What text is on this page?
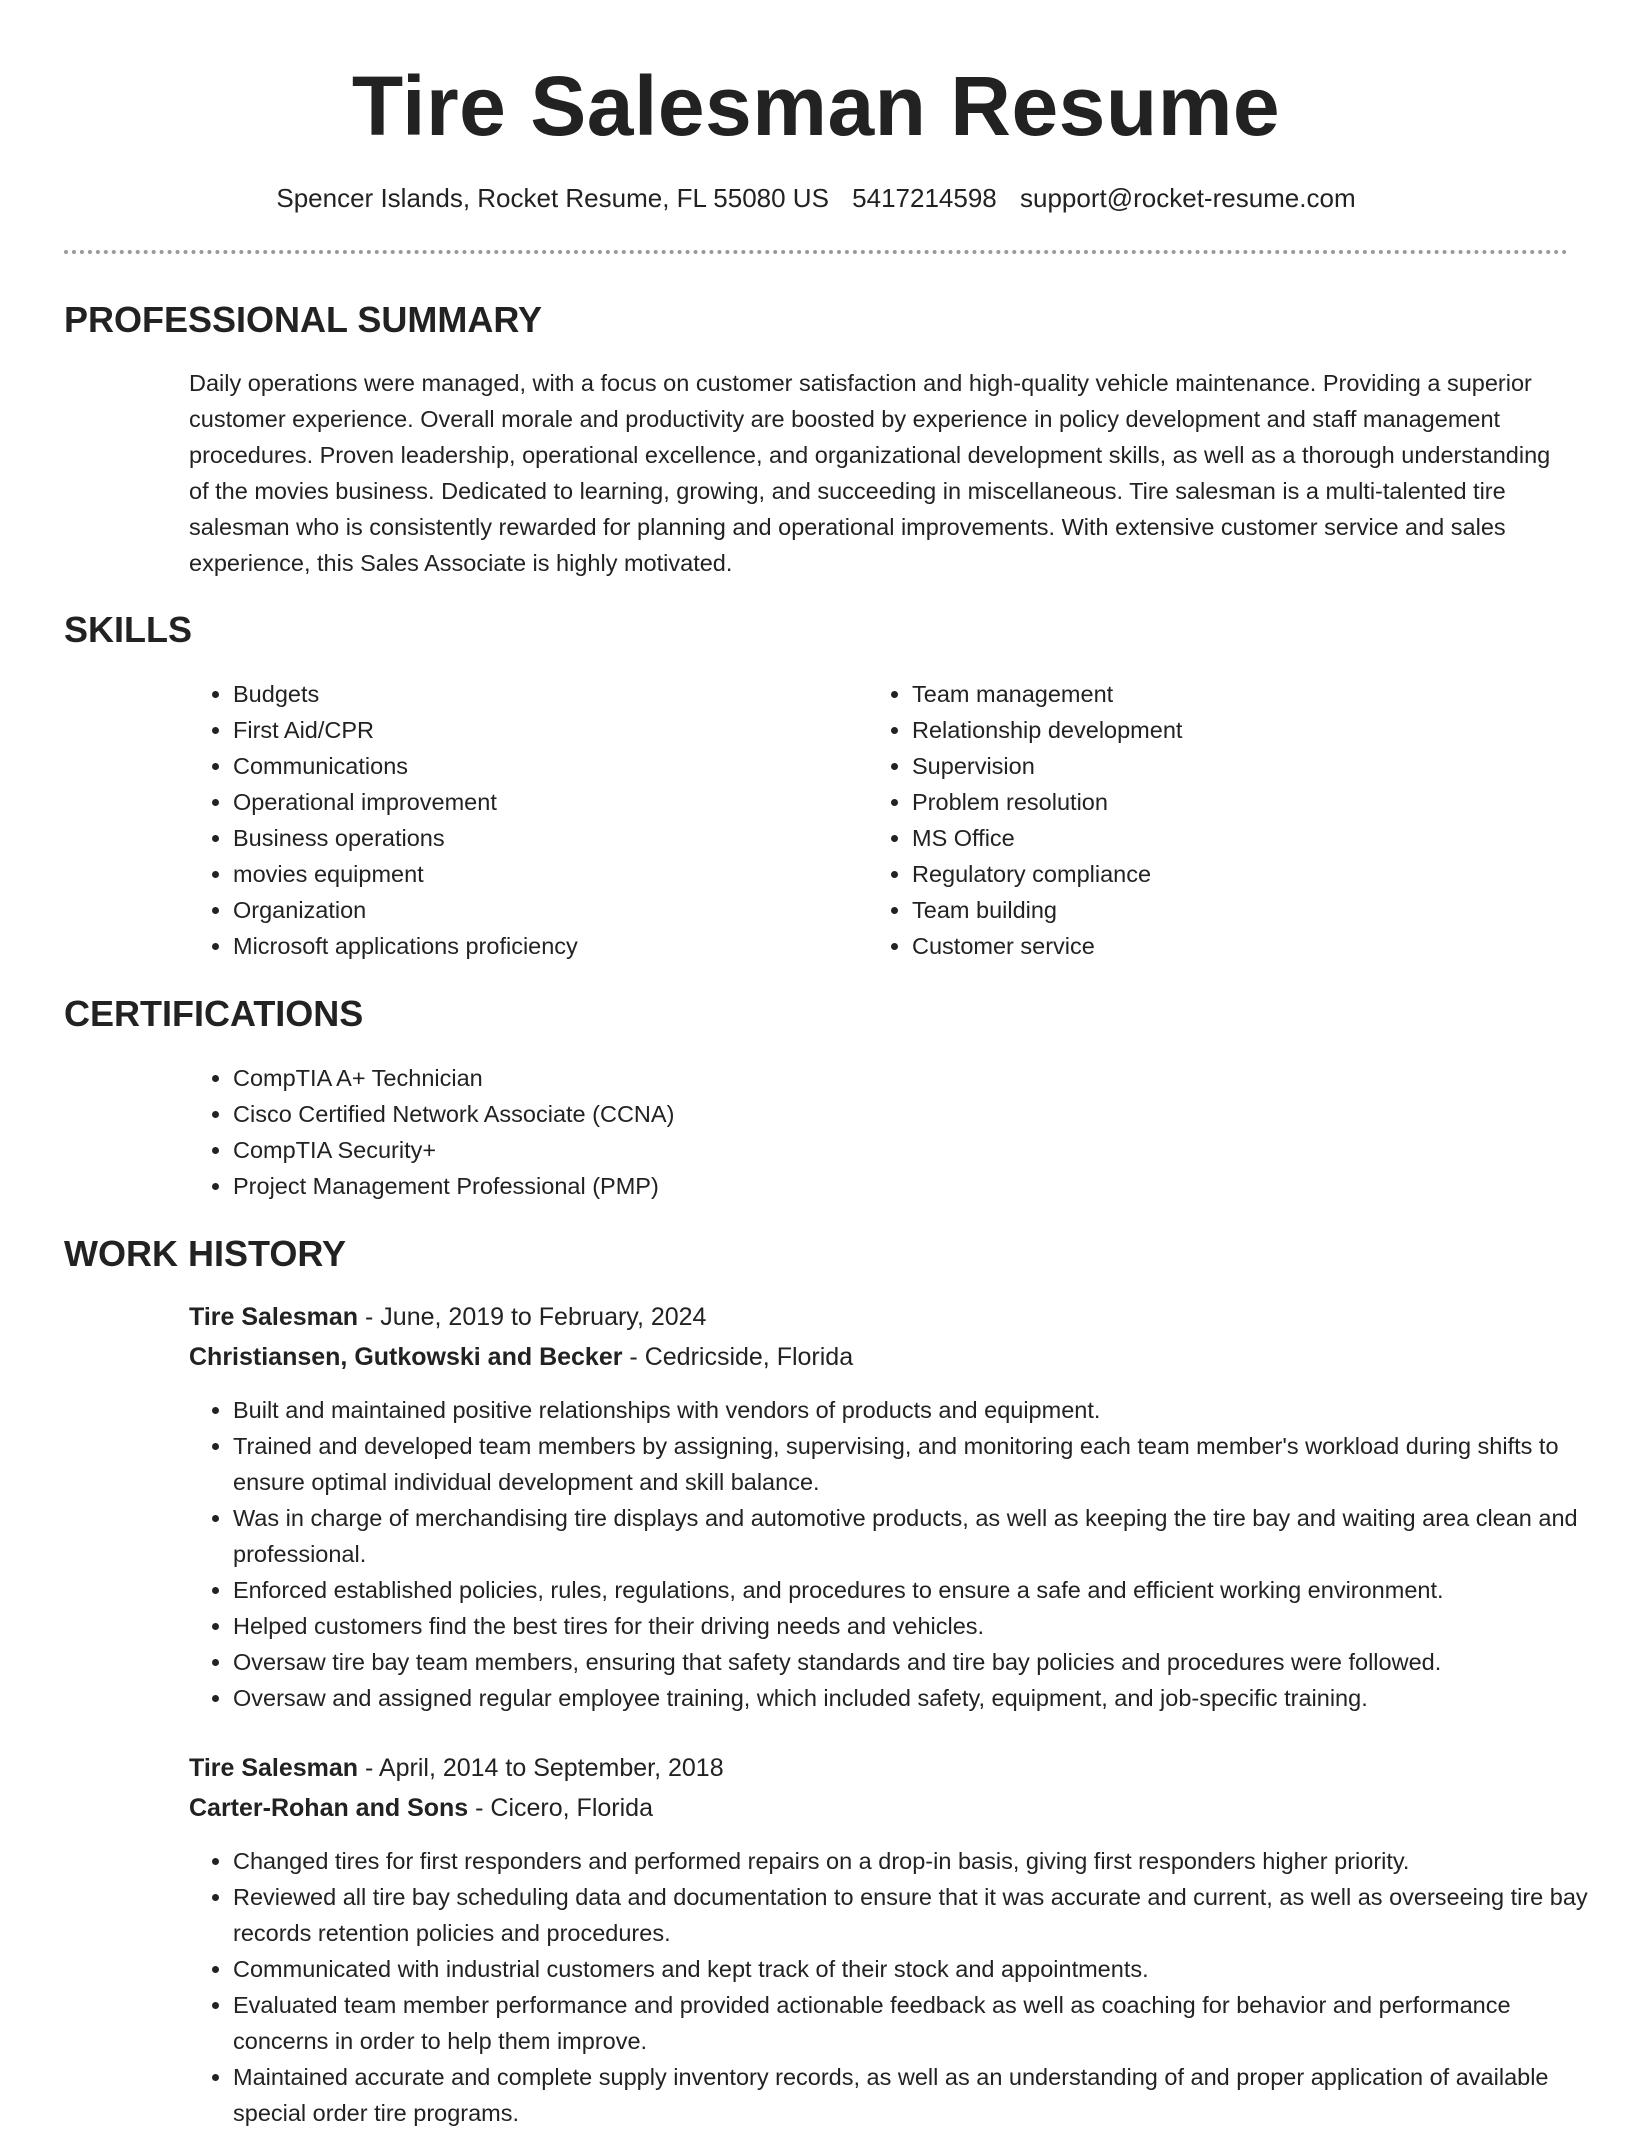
Tire Salesman Resume
Spencer Islands, Rocket Resume, FL 55080 US 5417214598 support@rocket-resume.com
PROFESSIONAL SUMMARY

Daily operations were managed, with a focus on customer satisfaction and high-quality vehicle maintenance. Providing a superior customer experience. Overall morale and productivity are boosted by experience in policy development and staff management procedures. Proven leadership, operational excellence, and organizational development skills, as well as a thorough understanding of the movies business. Dedicated to learning, growing, and succeeding in miscellaneous. Tire salesman is a multi-talented tire salesman who is consistently rewarded for planning and operational improvements. With extensive customer service and sales experience, this Sales Associate is highly motivated.

SKILLS
• Budgets
• First Aid/CPR
• Communications
• Operational improvement
• Business operations
• movies equipment
• Organization
• Microsoft applications proficiency
• Team management
• Relationship development
• Supervision
• Problem resolution
• MS Office
• Regulatory compliance
• Team building
• Customer service
CERTIFICATIONS
• CompTIA A+ Technician
• Cisco Certified Network Associate (CCNA)
• CompTIA Security+
• Project Management Professional (PMP)
WORK HISTORY
Tire Salesman - June, 2019 to February, 2024
Christiansen, Gutkowski and Becker - Cedricside, Florida
• Built and maintained positive relationships with vendors of products and equipment.
• Trained and developed team members by assigning, supervising, and monitoring each team member's workload during shifts to ensure optimal individual development and skill balance.
• Was in charge of merchandising tire displays and automotive products, as well as keeping the tire bay and waiting area clean and professional.
• Enforced established policies, rules, regulations, and procedures to ensure a safe and efficient working environment.
• Helped customers find the best tires for their driving needs and vehicles.
• Oversaw tire bay team members, ensuring that safety standards and tire bay policies and procedures were followed.
• Oversaw and assigned regular employee training, which included safety, equipment, and job-specific training.
Tire Salesman - April, 2014 to September, 2018
Carter-Rohan and Sons - Cicero, Florida
• Changed tires for first responders and performed repairs on a drop-in basis, giving first responders higher priority.
• Reviewed all tire bay scheduling data and documentation to ensure that it was accurate and current, as well as overseeing tire bay records retention policies and procedures.
• Communicated with industrial customers and kept track of their stock and appointments.
• Evaluated team member performance and provided actionable feedback as well as coaching for behavior and performance concerns in order to help them improve.
• Maintained accurate and complete supply inventory records, as well as an understanding of and proper application of available special order tire programs.
